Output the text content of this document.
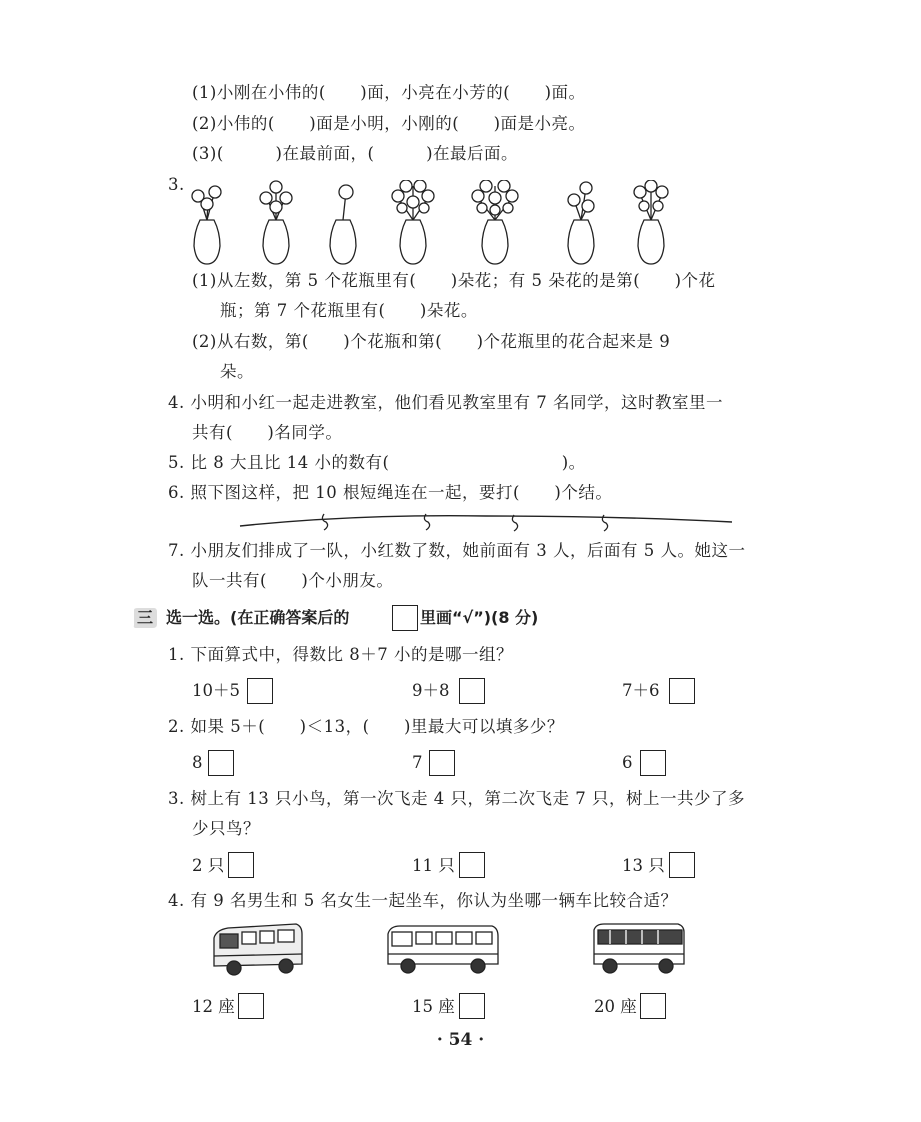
(1)小刚在小伟的(      )面，小亮在小芳的(      )面。
(2)小伟的(      )面是小明，小刚的(      )面是小亮。
(3)(         )在最前面，(         )在最后面。
3.
(1)从左数，第 5 个花瓶里有(      )朵花；有 5 朵花的是第(      )个花
瓶；第 7 个花瓶里有(      )朵花。
(2)从右数，第(      )个花瓶和第(      )个花瓶里的花合起来是 9
朵。
4. 小明和小红一起走进教室，他们看见教室里有 7 名同学，这时教室里一
共有(      )名同学。
5. 比 8 大且比 14 小的数有(                              )。
6. 照下图这样，把 10 根短绳连在一起，要打(      )个结。
7. 小朋友们排成了一队，小红数了数，她前面有 3 人，后面有 5 人。她这一
队一共有(      )个小朋友。
三 选一选。(在正确答案后的	里画“√”)(8 分)
1. 下面算式中，得数比 8＋7 小的是哪一组？
10＋5	9＋8	7＋6
2. 如果 5＋(      )＜13，(      )里最大可以填多少？
8	7	6
3. 树上有 13 只小鸟，第一次飞走 4 只，第二次飞走 7 只，树上一共少了多
少只鸟？
2 只	11 只	13 只
4. 有 9 名男生和 5 名女生一起坐车，你认为坐哪一辆车比较合适？
12 座	15 座	20 座
· 54 ·
